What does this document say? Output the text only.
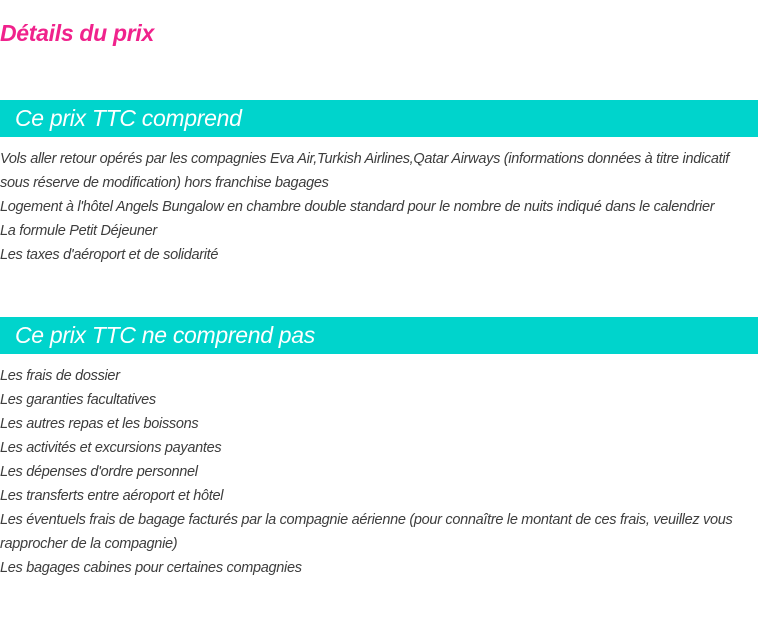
Détails du prix
Ce prix TTC comprend
Vols aller retour opérés par les compagnies Eva Air,Turkish Airlines,Qatar Airways (informations données à titre indicatif sous réserve de modification) hors franchise bagages
Logement à l'hôtel Angels Bungalow en chambre double standard pour le nombre de nuits indiqué dans le calendrier
La formule Petit Déjeuner
Les taxes d'aéroport et de solidarité
Ce prix TTC ne comprend pas
Les frais de dossier
Les garanties facultatives
Les autres repas et les boissons
Les activités et excursions payantes
Les dépenses d'ordre personnel
Les transferts entre aéroport et hôtel
Les éventuels frais de bagage facturés par la compagnie aérienne (pour connaître le montant de ces frais, veuillez vous rapprocher de la compagnie)
Les bagages cabines pour certaines compagnies
